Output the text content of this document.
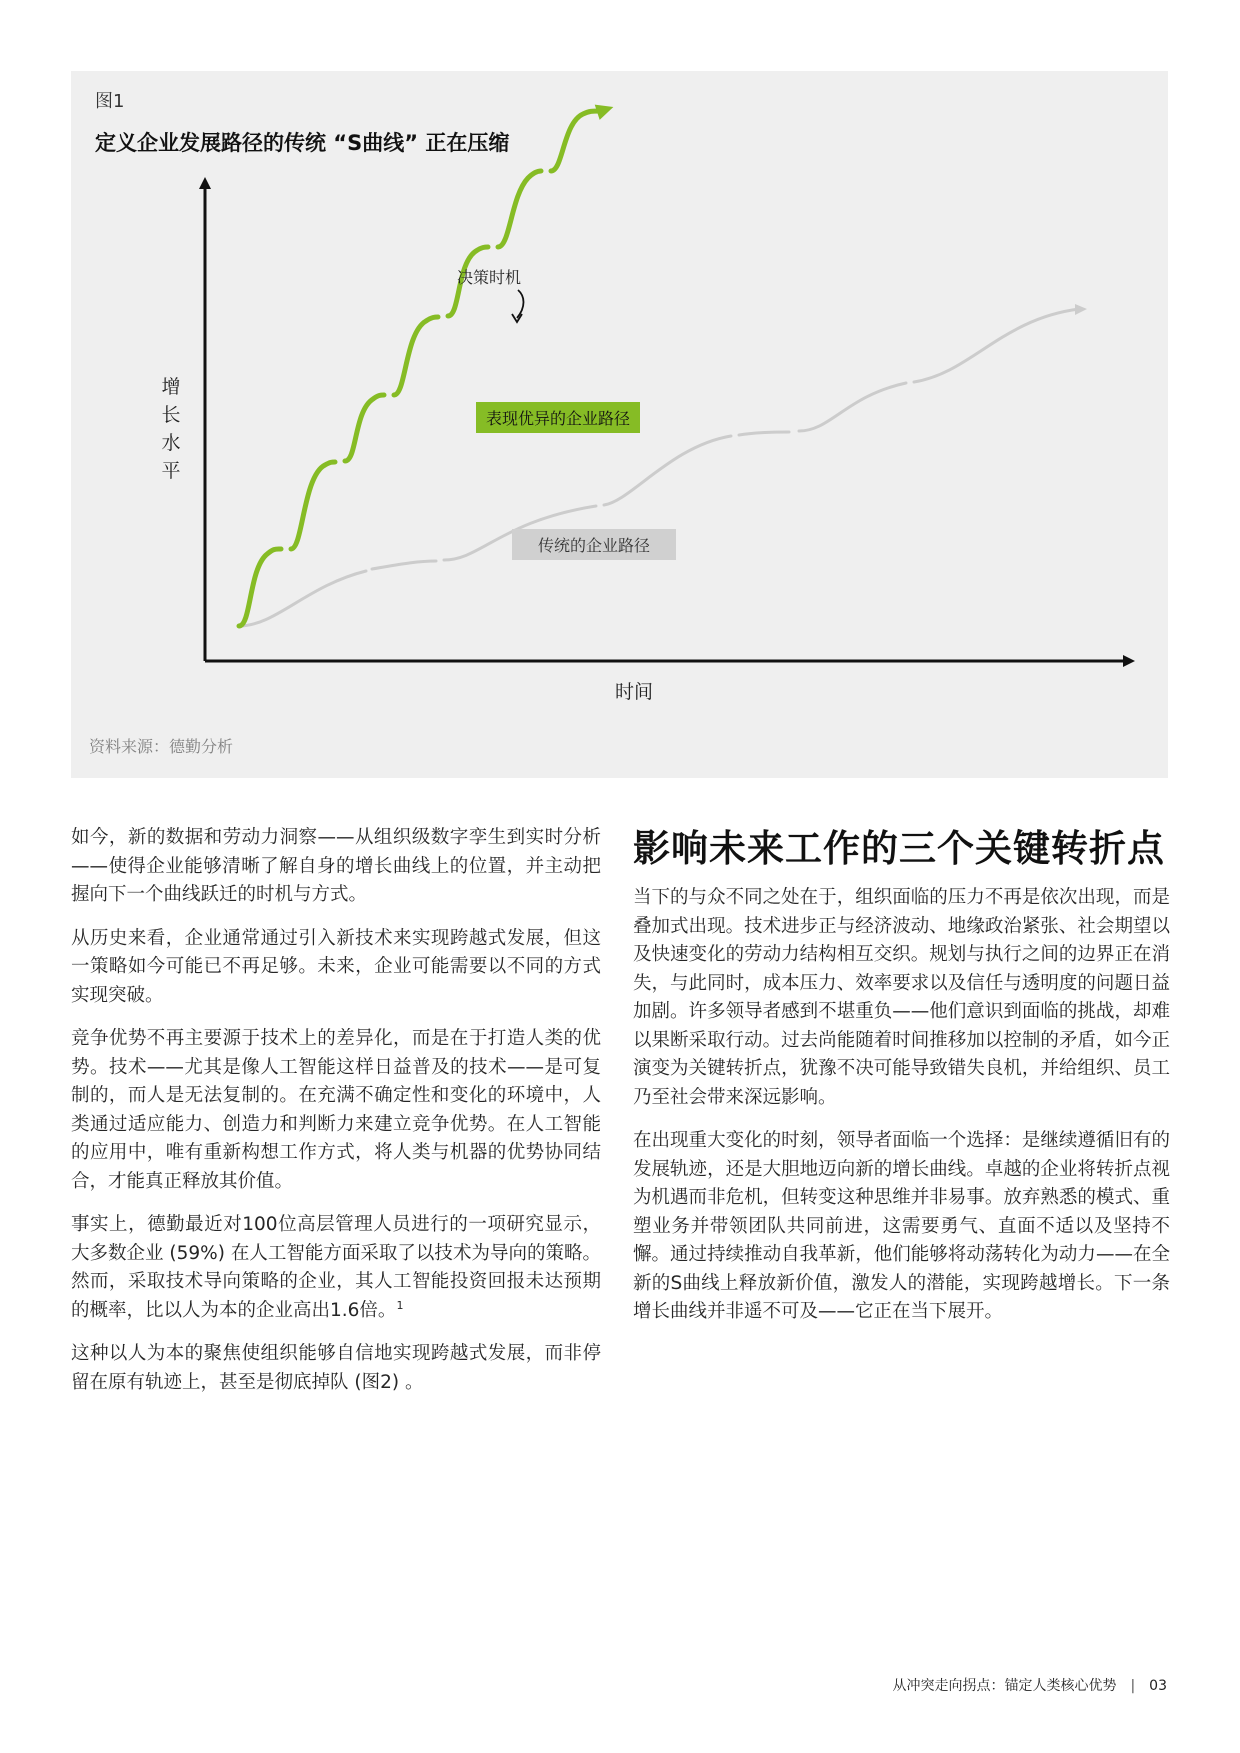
图1
定义企业发展路径的传统 “S曲线” 正在压缩
增
长
水
平
时间
决策时机
表现优异的企业路径
传统的企业路径
资料来源：德勤分析

如今，新的数据和劳动力洞察——从组织级数字孪生到实时分析——使得企业能够清晰了解自身的增长曲线上的位置，并主动把握向下一个曲线跃迁的时机与方式。

从历史来看，企业通常通过引入新技术来实现跨越式发展，但这一策略如今可能已不再足够。未来，企业可能需要以不同的方式实现突破。

竞争优势不再主要源于技术上的差异化，而是在于打造人类的优势。技术——尤其是像人工智能这样日益普及的技术——是可复制的，而人是无法复制的。在充满不确定性和变化的环境中，人类通过适应能力、创造力和判断力来建立竞争优势。在人工智能的应用中，唯有重新构想工作方式，将人类与机器的优势协同结合，才能真正释放其价值。

事实上，德勤最近对100位高层管理人员进行的一项研究显示，大多数企业 (59%) 在人工智能方面采取了以技术为导向的策略。然而，采取技术导向策略的企业，其人工智能投资回报未达预期的概率，比以人为本的企业高出1.6倍。$^1$

这种以人为本的聚焦使组织能够自信地实现跨越式发展，而非停留在原有轨迹上，甚至是彻底掉队 (图2) 。

影响未来工作的三个关键转折点

当下的与众不同之处在于，组织面临的压力不再是依次出现，而是叠加式出现。技术进步正与经济波动、地缘政治紧张、社会期望以及快速变化的劳动力结构相互交织。规划与执行之间的边界正在消失，与此同时，成本压力、效率要求以及信任与透明度的问题日益加剧。许多领导者感到不堪重负——他们意识到面临的挑战，却难以果断采取行动。过去尚能随着时间推移加以控制的矛盾，如今正演变为关键转折点，犹豫不决可能导致错失良机，并给组织、员工乃至社会带来深远影响。

在出现重大变化的时刻，领导者面临一个选择：是继续遵循旧有的发展轨迹，还是大胆地迈向新的增长曲线。卓越的企业将转折点视为机遇而非危机，但转变这种思维并非易事。放弃熟悉的模式、重塑业务并带领团队共同前进，这需要勇气、直面不适以及坚持不懈。通过持续推动自我革新，他们能够将动荡转化为动力——在全新的S曲线上释放新价值，激发人的潜能，实现跨越增长。下一条增长曲线并非遥不可及——它正在当下展开。

从冲突走向拐点：锚定人类核心优势 | 03
